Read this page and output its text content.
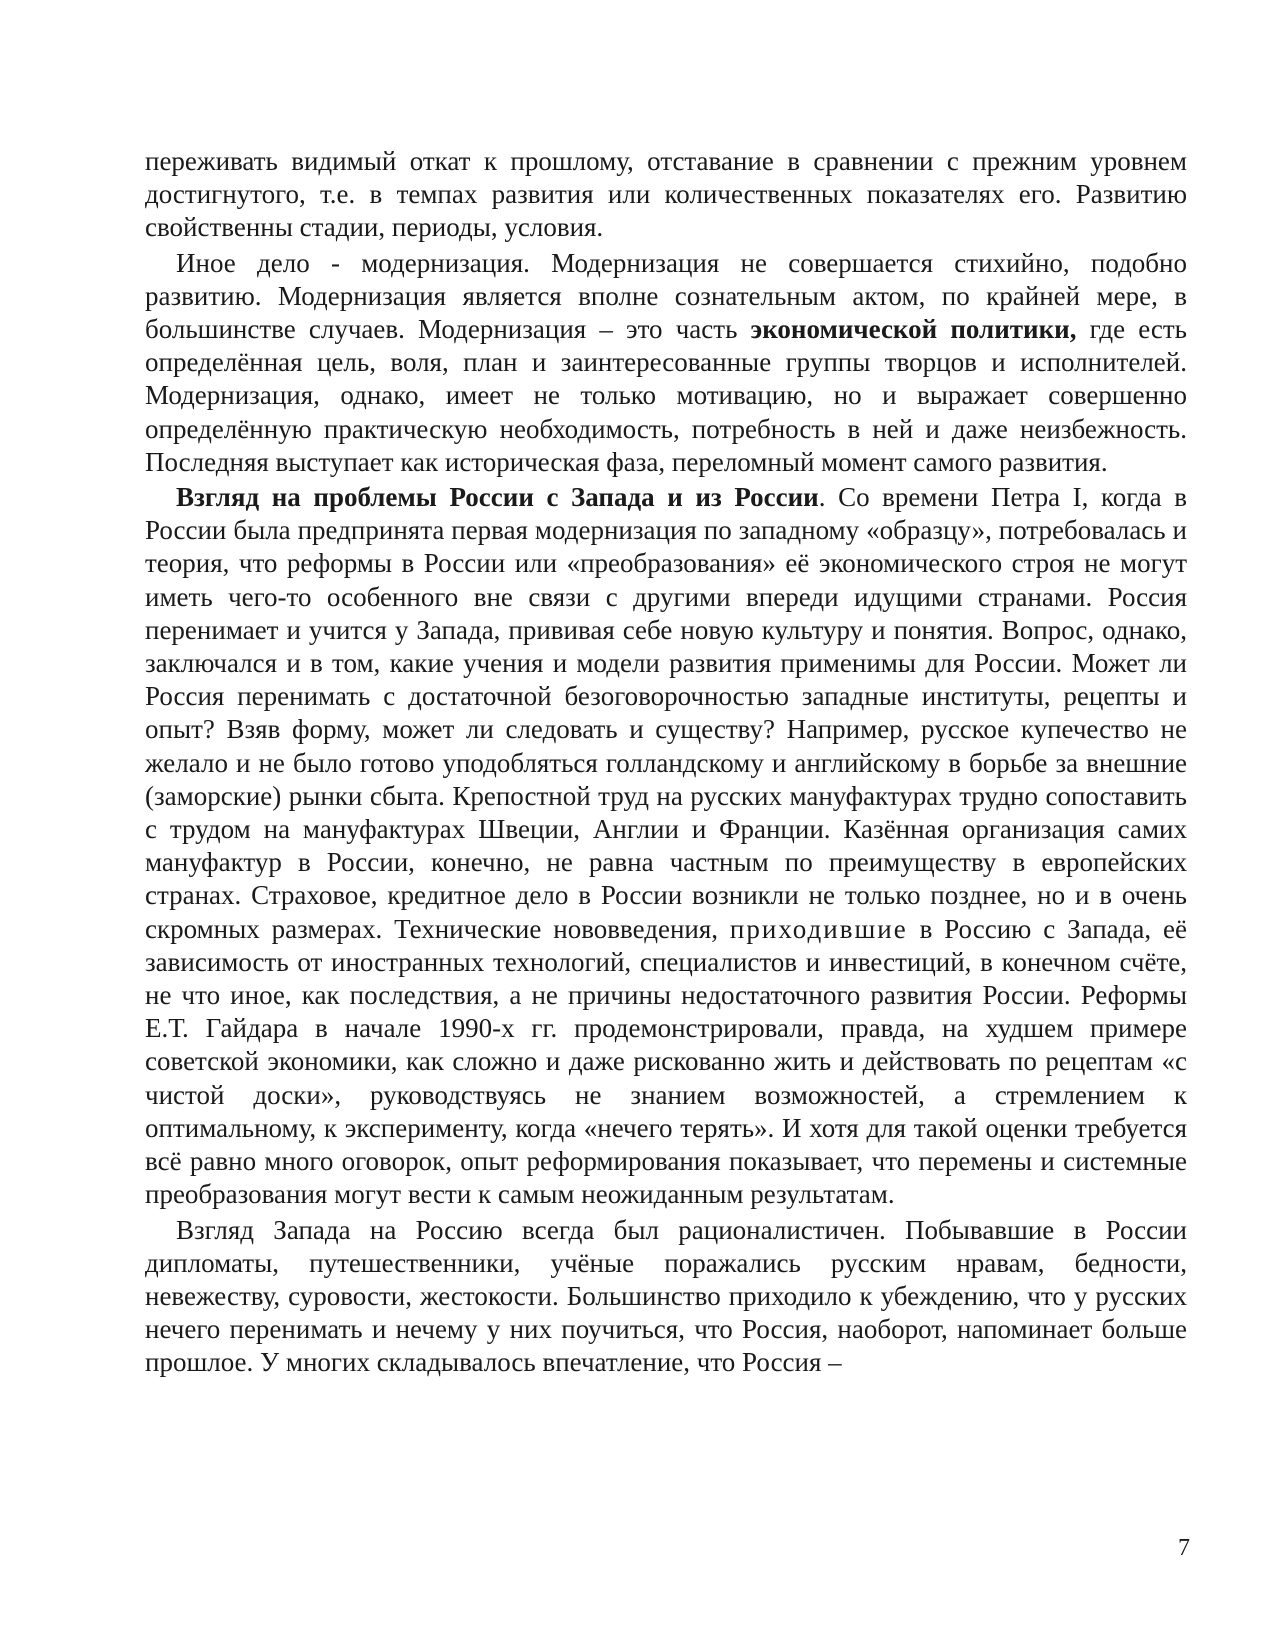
переживать видимый откат к прошлому, отставание в сравнении с прежним уровнем достигнутого, т.е. в темпах развития или количественных показателях его. Развитию свойственны стадии, периоды, условия.

Иное дело - модернизация. Модернизация не совершается стихийно, подобно развитию. Модернизация является вполне сознательным актом, по крайней мере, в большинстве случаев. Модернизация – это часть экономической политики, где есть определённая цель, воля, план и заинтересованные группы творцов и исполнителей. Модернизация, однако, имеет не только мотивацию, но и выражает совершенно определённую практическую необходимость, потребность в ней и даже неизбежность. Последняя выступает как историческая фаза, переломный момент самого развития.

Взгляд на проблемы России с Запада и из России. Со времени Петра I, когда в России была предпринята первая модернизация по западному «образцу», потребовалась и теория, что реформы в России или «преобразования» её экономического строя не могут иметь чего-то особенного вне связи с другими впереди идущими странами. Россия перенимает и учится у Запада, прививая себе новую культуру и понятия. Вопрос, однако, заключался и в том, какие учения и модели развития применимы для России. Может ли Россия перенимать с достаточной безоговорочностью западные институты, рецепты и опыт? Взяв форму, может ли следовать и существу? Например, русское купечество не желало и не было готово уподобляться голландскому и английскому в борьбе за внешние (заморские) рынки сбыта. Крепостной труд на русских мануфактурах трудно сопоставить с трудом на мануфактурах Швеции, Англии и Франции. Казённая организация самих мануфактур в России, конечно, не равна частным по преимуществу в европейских странах. Страховое, кредитное дело в России возникли не только позднее, но и в очень скромных размерах. Технические нововведения, приходившие в Россию с Запада, её зависимость от иностранных технологий, специалистов и инвестиций, в конечном счёте, не что иное, как последствия, а не причины недостаточного развития России. Реформы Е.Т. Гайдара в начале 1990-х гг. продемонстрировали, правда, на худшем примере советской экономики, как сложно и даже рискованно жить и действовать по рецептам «с чистой доски», руководствуясь не знанием возможностей, а стремлением к оптимальному, к эксперименту, когда «нечего терять». И хотя для такой оценки требуется всё равно много оговорок, опыт реформирования показывает, что перемены и системные преобразования могут вести к самым неожиданным результатам.

Взгляд Запада на Россию всегда был рационалистичен. Побывавшие в России дипломаты, путешественники, учёные поражались русским нравам, бедности, невежеству, суровости, жестокости. Большинство приходило к убеждению, что у русских нечего перенимать и нечему у них поучиться, что Россия, наоборот, напоминает больше прошлое. У многих складывалось впечатление, что Россия –

7
